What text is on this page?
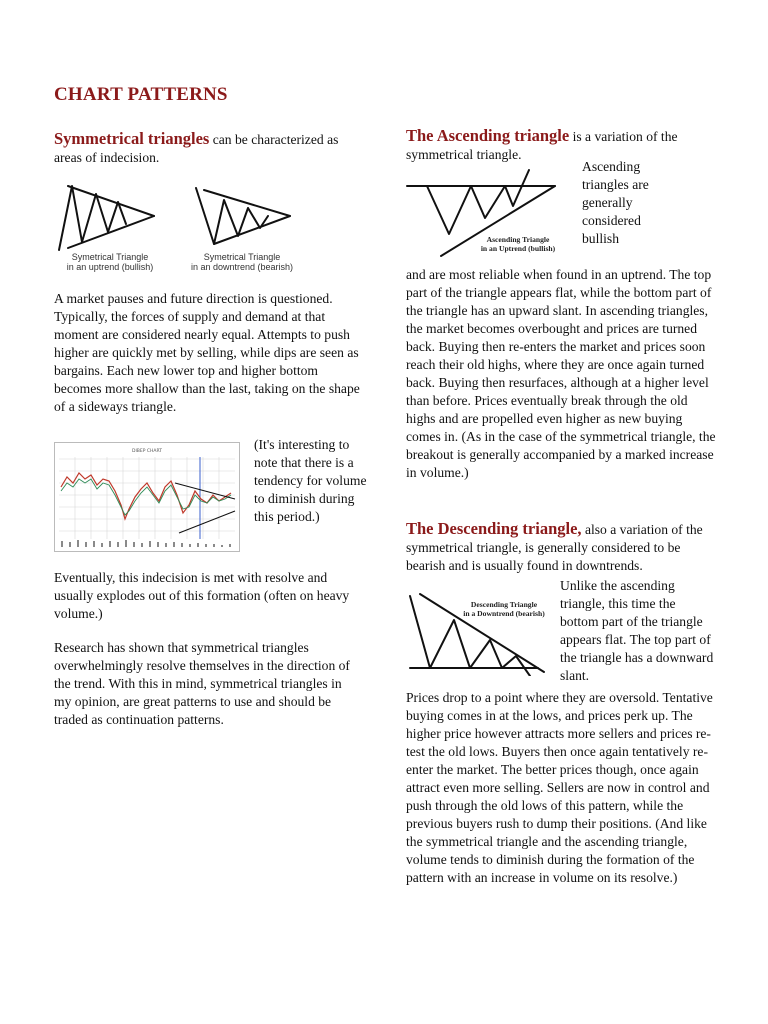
CHART PATTERNS
Symmetrical triangles can be characterized as areas of indecision.
Symetrical Triangle
in an uptrend (bullish)
Symetrical Triangle
in an downtrend (bearish)
A market pauses and future direction is questioned. Typically, the forces of supply and demand at that moment are considered nearly equal. Attempts to push higher are quickly met by selling, while dips are seen as bargains. Each new lower top and higher bottom becomes more shallow than the last, taking on the shape of a sideways triangle.
DIBEP CHART	(It's interesting to note that there is a tendency for volume to diminish during this period.)
Eventually, this indecision is met with resolve and usually explodes out of this formation (often on heavy volume.)
Research has shown that symmetrical triangles overwhelmingly resolve themselves in the direction of the trend. With this in mind, symmetrical triangles in my opinion, are great patterns to use and should be traded as continuation patterns.
The Ascending triangle is a variation of the symmetrical triangle.
Ascending Triangle
in an Uptrend (bullish)
Ascending triangles are generally considered bullish
and are most reliable when found in an uptrend. The top part of the triangle appears flat, while the bottom part of the triangle has an upward slant. In ascending triangles, the market becomes overbought and prices are turned back. Buying then re-enters the market and prices soon reach their old highs, where they are once again turned back. Buying then resurfaces, although at a higher level than before. Prices eventually break through the old highs and are propelled even higher as new buying comes in. (As in the case of the symmetrical triangle, the breakout is generally accompanied by a marked increase in volume.)
The Descending triangle, also a variation of the symmetrical triangle, is generally considered to be bearish and is usually found in downtrends.
Descending Triangle
in a Downtrend (bearish)
Unlike the ascending triangle, this time the bottom part of the triangle appears flat. The top part of the triangle has a downward slant.
Prices drop to a point where they are oversold. Tentative buying comes in at the lows, and prices perk up. The higher price however attracts more sellers and prices re-test the old lows. Buyers then once again tentatively re-enter the market. The better prices though, once again attract even more selling. Sellers are now in control and push through the old lows of this pattern, while the previous buyers rush to dump their positions. (And like the symmetrical triangle and the ascending triangle, volume tends to diminish during the formation of the pattern with an increase in volume on its resolve.)
